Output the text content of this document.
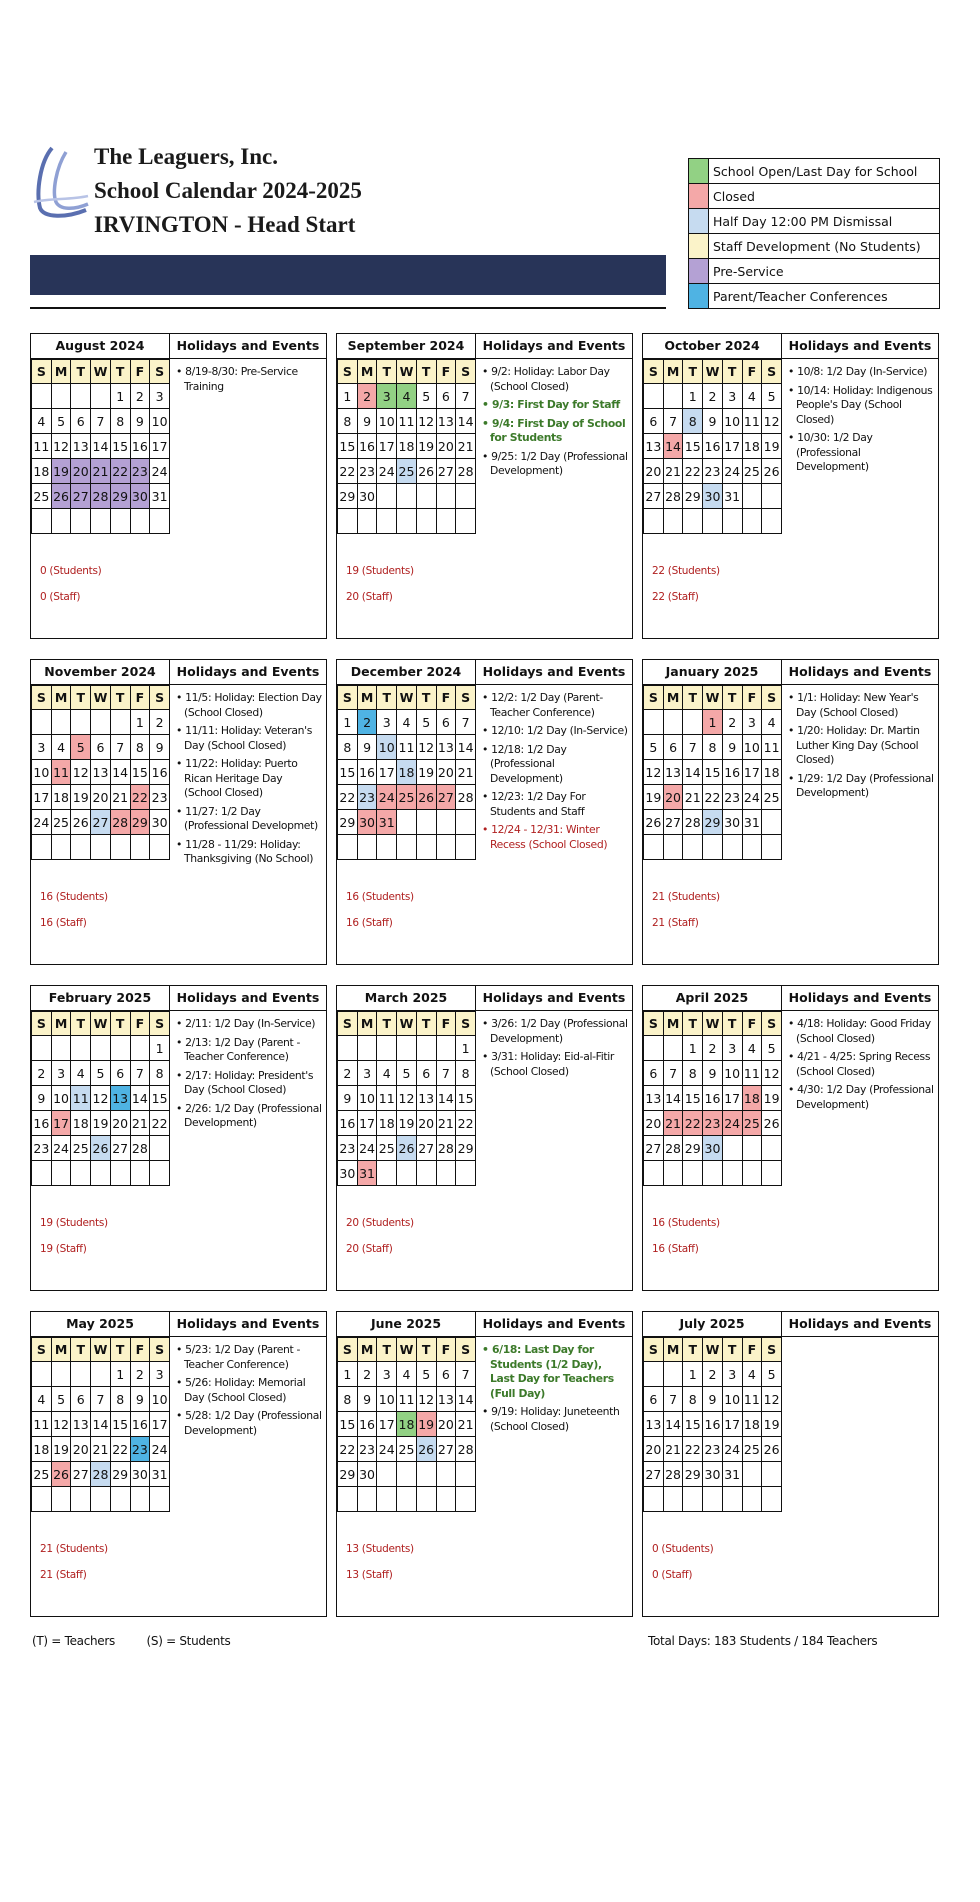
The Leaguers, Inc.
School Calendar 2024-2025
IRVINGTON - Head Start
School Open/Last Day for School
Closed
Half Day 12:00 PM Dismissal
Staff Development (No Students)
Pre-Service
Parent/Teacher Conferences
August 2024
S	M	T	W	T	F	S
				1	2	3
4	5	6	7	8	9	10
11	12	13	14	15	16	17
18	19	20	21	22	23	24
25	26	27	28	29	30	31

Holidays and Events
• 8/19-8/30: Pre-Service Training
0 (Students)
0 (Staff)
September 2024
S	M	T	W	T	F	S
1	2	3	4	5	6	7
8	9	10	11	12	13	14
15	16	17	18	19	20	21
22	23	24	25	26	27	28
29	30					

Holidays and Events
• 9/2: Holiday: Labor Day (School Closed)
• 9/3: First Day for Staff
• 9/4: First Day of School for Students
• 9/25: 1/2 Day (Professional Development)
19 (Students)
20 (Staff)
October 2024
S	M	T	W	T	F	S
		1	2	3	4	5
6	7	8	9	10	11	12
13	14	15	16	17	18	19
20	21	22	23	24	25	26
27	28	29	30	31		

Holidays and Events
• 10/8: 1/2 Day (In-Service)
• 10/14: Holiday: Indigenous People's Day (School Closed)
• 10/30: 1/2 Day (Professional Development)
22 (Students)
22 (Staff)
November 2024
S	M	T	W	T	F	S
					1	2
3	4	5	6	7	8	9
10	11	12	13	14	15	16
17	18	19	20	21	22	23
24	25	26	27	28	29	30

Holidays and Events
• 11/5: Holiday: Election Day (School Closed)
• 11/11: Holiday: Veteran's Day (School Closed)
• 11/22: Holiday: Puerto Rican Heritage Day (School Closed)
• 11/27: 1/2 Day (Professional Developmet)
• 11/28 - 11/29: Holiday: Thanksgiving (No School)
16 (Students)
16 (Staff)
December 2024
S	M	T	W	T	F	S
1	2	3	4	5	6	7
8	9	10	11	12	13	14
15	16	17	18	19	20	21
22	23	24	25	26	27	28
29	30	31				

Holidays and Events
• 12/2: 1/2 Day (Parent-Teacher Conference)
• 12/10: 1/2 Day (In-Service)
• 12/18: 1/2 Day (Professional Development)
• 12/23: 1/2 Day For Students and Staff
• 12/24 - 12/31: Winter Recess (School Closed)
16 (Students)
16 (Staff)
January 2025
S	M	T	W	T	F	S
			1	2	3	4
5	6	7	8	9	10	11
12	13	14	15	16	17	18
19	20	21	22	23	24	25
26	27	28	29	30	31	

Holidays and Events
• 1/1: Holiday: New Year's Day (School Closed)
• 1/20: Holiday: Dr. Martin Luther King Day (School Closed)
• 1/29: 1/2 Day (Professional Development)
21 (Students)
21 (Staff)
February 2025
S	M	T	W	T	F	S
						1
2	3	4	5	6	7	8
9	10	11	12	13	14	15
16	17	18	19	20	21	22
23	24	25	26	27	28	

Holidays and Events
• 2/11: 1/2 Day (In-Service)
• 2/13: 1/2 Day (Parent - Teacher Conference)
• 2/17: Holiday: President's Day (School Closed)
• 2/26: 1/2 Day (Professional Development)
19 (Students)
19 (Staff)
March 2025
S	M	T	W	T	F	S
						1
2	3	4	5	6	7	8
9	10	11	12	13	14	15
16	17	18	19	20	21	22
23	24	25	26	27	28	29
30	31					
Holidays and Events
• 3/26: 1/2 Day (Professional Development)
• 3/31: Holiday: Eid-al-Fitir (School Closed)
20 (Students)
20 (Staff)
April 2025
S	M	T	W	T	F	S
		1	2	3	4	5
6	7	8	9	10	11	12
13	14	15	16	17	18	19
20	21	22	23	24	25	26
27	28	29	30			

Holidays and Events
• 4/18: Holiday: Good Friday (School Closed)
• 4/21 - 4/25: Spring Recess (School Closed)
• 4/30: 1/2 Day (Professional Development)
16 (Students)
16 (Staff)
May 2025
S	M	T	W	T	F	S
				1	2	3
4	5	6	7	8	9	10
11	12	13	14	15	16	17
18	19	20	21	22	23	24
25	26	27	28	29	30	31

Holidays and Events
• 5/23: 1/2 Day (Parent - Teacher Conference)
• 5/26: Holiday: Memorial Day (School Closed)
• 5/28: 1/2 Day (Professional Development)
21 (Students)
21 (Staff)
June 2025
S	M	T	W	T	F	S
1	2	3	4	5	6	7
8	9	10	11	12	13	14
15	16	17	18	19	20	21
22	23	24	25	26	27	28
29	30					

Holidays and Events
• 6/18: Last Day for Students (1/2 Day), Last Day for Teachers (Full Day)
• 9/19: Holiday: Juneteenth (School Closed)
13 (Students)
13 (Staff)
July 2025
S	M	T	W	T	F	S
		1	2	3	4	5
6	7	8	9	10	11	12
13	14	15	16	17	18	19
20	21	22	23	24	25	26
27	28	29	30	31		

Holidays and Events
0 (Students)
0 (Staff)
(T) = Teachers	(S) = Students	Total Days: 183 Students / 184 Teachers
